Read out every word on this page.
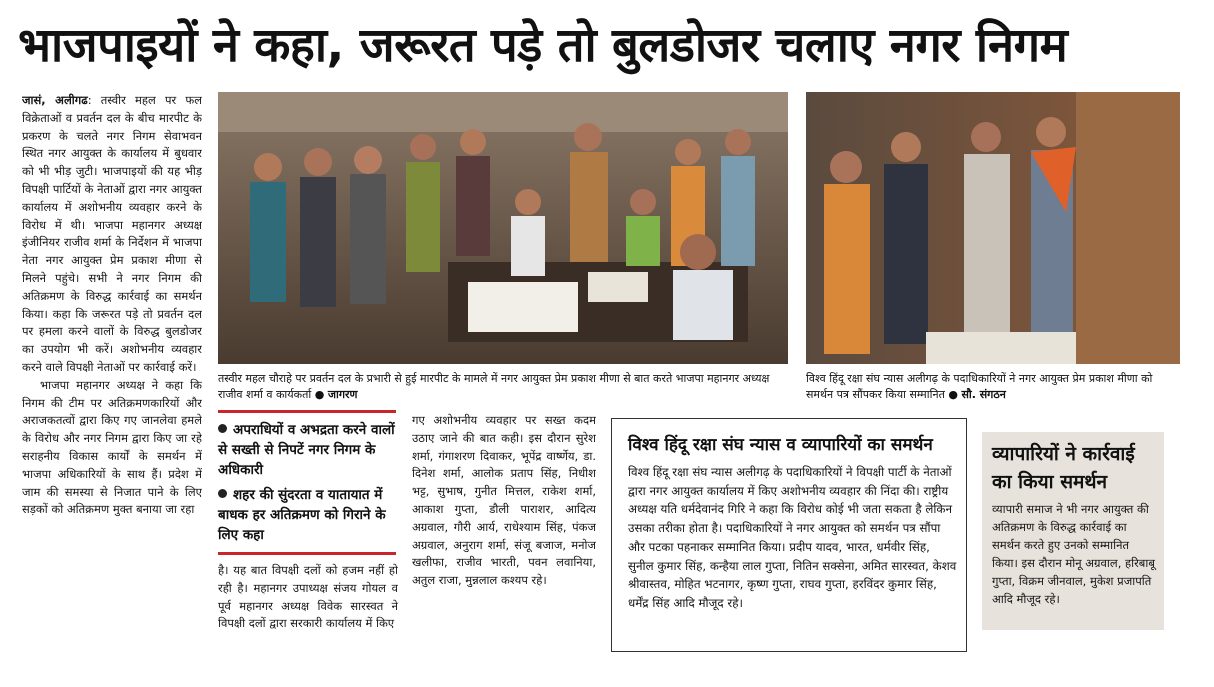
भाजपाइयों ने कहा, जरूरत पड़े तो बुलडोजर चलाए नगर निगम

जासं, अलीगढ: तस्वीर महल पर फल विक्रेताओं व प्रवर्तन दल के बीच मारपीट के प्रकरण के चलते नगर निगम सेवाभवन स्थित नगर आयुक्त के कार्यालय में बुधवार को भी भीड़ जुटी। भाजपाइयों की यह भीड़ विपक्षी पार्टियों के नेताओं द्वारा नगर आयुक्त कार्यालय में अशोभनीय व्यवहार करने के विरोध में थी। भाजपा महानगर अध्यक्ष इंजीनियर राजीव शर्मा के निर्देशन में भाजपा नेता नगर आयुक्त प्रेम प्रकाश मीणा से मिलने पहुंचे। सभी ने नगर निगम की अतिक्रमण के विरुद्ध कार्रवाई का समर्थन किया। कहा कि जरूरत पड़े तो प्रवर्तन दल पर हमला करने वालों के विरुद्ध बुलडोजर का उपयोग भी करें। अशोभनीय व्यवहार करने वाले विपक्षी नेताओं पर कार्रवाई करें।

भाजपा महानगर अध्यक्ष ने कहा कि निगम की टीम पर अतिक्रमणकारियों और अराजकतत्वों द्वारा किए गए जानलेवा हमले के विरोध और नगर निगम द्वारा किए जा रहे सराहनीय विकास कार्यों के समर्थन में भाजपा अधिकारियों के साथ हैं। प्रदेश में जाम की समस्या से निजात पाने के लिए सड़कों को अतिक्रमण मुक्त बनाया जा रहा

तस्वीर महल चौराहे पर प्रवर्तन दल के प्रभारी से हुई मारपीट के मामले में नगर आयुक्त प्रेम प्रकाश मीणा से बात करते भाजपा महानगर अध्यक्ष राजीव शर्मा व कार्यकर्ता ● जागरण
विश्व हिंदू रक्षा संघ न्यास अलीगढ़ के पदाधिकारियों ने नगर आयुक्त प्रेम प्रकाश मीणा को समर्थन पत्र सौंपकर किया सम्मानित ● सौ. संगठन
अपराधियों व अभद्रता करने वालों से सख्ती से निपटें नगर निगम के अधिकारी
शहर की सुंदरता व यातायात में बाधक हर अतिक्रमण को गिराने के लिए कहा
है। यह बात विपक्षी दलों को हजम नहीं हो रही है। महानगर उपाध्यक्ष संजय गोयल व पूर्व महानगर अध्यक्ष विवेक सारस्वत ने विपक्षी दलों द्वारा सरकारी कार्यालय में किए
गए अशोभनीय व्यवहार पर सख्त कदम उठाए जाने की बात कही। इस दौरान सुरेश शर्मा, गंगाशरण दिवाकर, भूपेंद्र वार्ष्णेय, डा. दिनेश शर्मा, आलोक प्रताप सिंह, निधीश भट्ट, सुभाष, गुनीत मित्तल, राकेश शर्मा, आकाश गुप्ता, डौली पाराशर, आदित्य अग्रवाल, गौरी आर्य, राधेश्याम सिंह, पंकज अग्रवाल, अनुराग शर्मा, संजू बजाज, मनोज खलीफा, राजीव भारती, पवन लवानिया, अतुल राजा, मुन्नलाल कश्यप रहे।
विश्व हिंदू रक्षा संघ न्यास व व्यापारियों का समर्थन
विश्व हिंदू रक्षा संघ न्यास अलीगढ़ के पदाधिकारियों ने विपक्षी पार्टी के नेताओं द्वारा नगर आयुक्त कार्यालय में किए अशोभनीय व्यवहार की निंदा की। राष्ट्रीय अध्यक्ष यति धर्मदेवानंद गिरि ने कहा कि विरोध कोई भी जता सकता है लेकिन उसका तरीका होता है। पदाधिकारियों ने नगर आयुक्त को समर्थन पत्र सौंपा और पटका पहनाकर सम्मानित किया। प्रदीप यादव, भारत, धर्मवीर सिंह, सुनील कुमार सिंह, कन्हैया लाल गुप्ता, नितिन सक्सेना, अमित सारस्वत, केशव श्रीवास्तव, मोहित भटनागर, कृष्ण गुप्ता, राघव गुप्ता, हरविंदर कुमार सिंह, धर्मेंद्र सिंह आदि मौजूद रहे।
व्यापारियों ने कार्रवाई का किया समर्थन
व्यापारी समाज ने भी नगर आयुक्त की अतिक्रमण के विरुद्ध कार्रवाई का समर्थन करते हुए उनको सम्मानित किया। इस दौरान मोनू अग्रवाल, हरिबाबू गुप्ता, विक्रम जीनवाल, मुकेश प्रजापति आदि मौजूद रहे।
